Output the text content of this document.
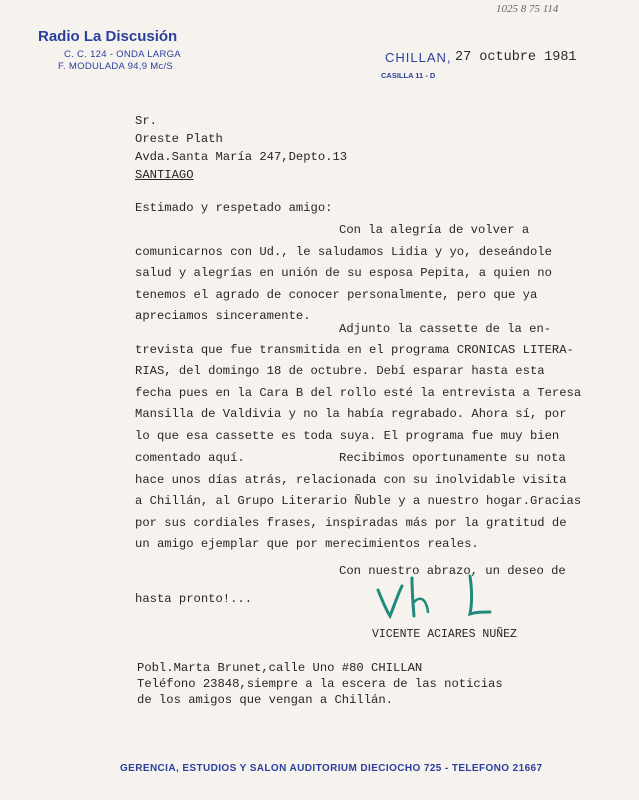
Radio La Discusión
C. C. 124 - ONDA LARGA
F. MODULADA 94,9 Mc/S
1025 8 75 114
CHILLAN, 27 octubre 1981
CASILLA 11 - D
Sr.
Oreste Plath
Avda.Santa María 247,Depto.13
SANTIAGO
Estimado y respetado amigo:
Con la alegría de volver a
comunicarnos con Ud., le saludamos Lidia y yo, deseándole
salud y alegrías en unión de su esposa Pepita, a quien no
tenemos el agrado de conocer personalmente, pero que ya
apreciamos sinceramente.
Adjunto la cassette de la en-
trevista que fue transmitida en el programa CRONICAS LITERA-
RIAS, del domingo 18 de octubre. Debí esparar hasta esta
fecha pues en la Cara B del rollo esté la entrevista a Teresa
Mansilla de Valdivia y no la había regrabado. Ahora sí, por
lo que esa cassette es toda suya. El programa fue muy bien
comentado aquí.	Recibimos oportunamente su nota
hace unos días atrás, relacionada con su inolvidable visita
a Chillán, al Grupo Literario Ñuble y a nuestro hogar.Gracias
por sus cordiales frases, inspiradas más por la gratitud de
un amigo ejemplar que por merecimientos reales.
Con nuestro abrazo, un deseo de
hasta pronto!...
VICENTE ACIARES NUÑEZ
Pobl.Marta Brunet,calle Uno #80 CHILLAN
Teléfono 23848,siempre a la escera de las noticias
de los amigos que vengan a Chillán.
GERENCIA, ESTUDIOS Y SALON AUDITORIUM DIECIOCHO 725 - TELEFONO 21667
